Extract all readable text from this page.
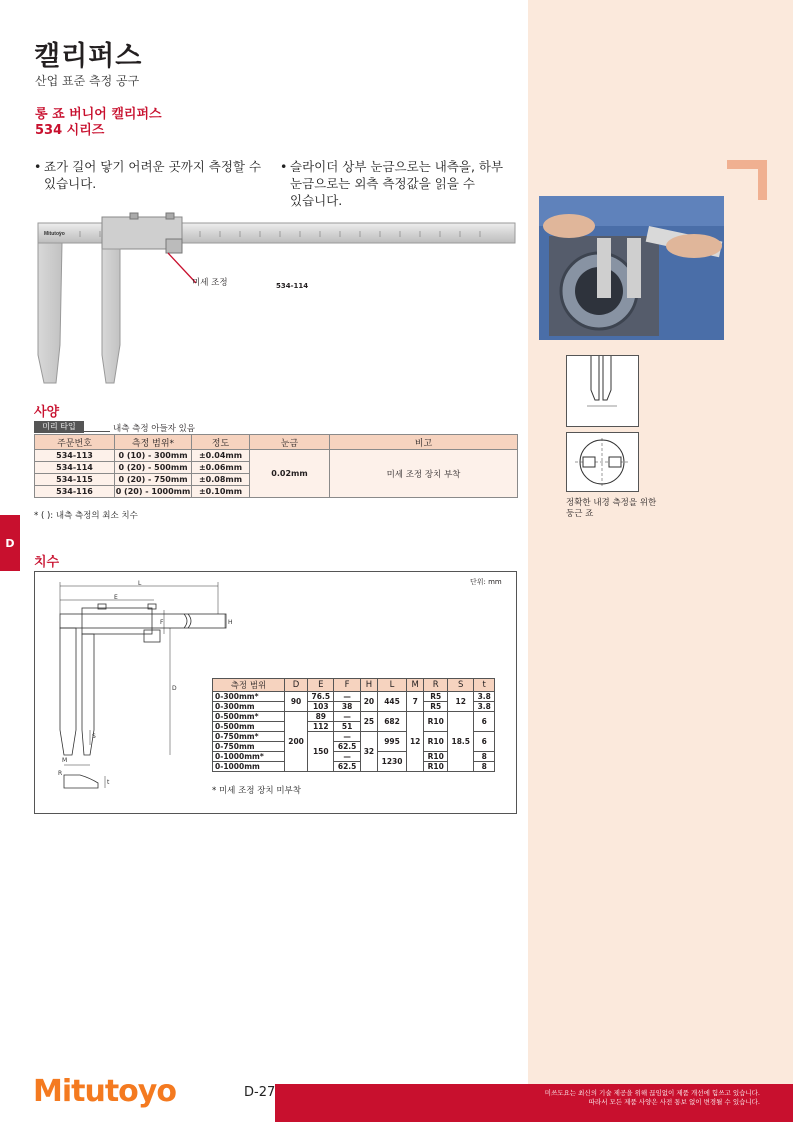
캘리퍼스
산업 표준 측정 공구
롱 죠 버니어 캘리퍼스
534 시리즈
• 죠가 길어 닿기 어려운 곳까지 측정할 수
있습니다.
• 슬라이더 상부 눈금으로는 내측을, 하부
눈금으로는 외측 측정값을 읽을 수
있습니다.
Mitutoyo
미세 조정	534-114
정확한 내경 측정을 위한
둥근 죠
D
사양
미리 타입	내측 측정 아들자 있음
주문번호	측정 범위*	정도	눈금	비고
534-113	0 (10) - 300mm	±0.04mm	0.02mm	미세 조정 장치 부착
534-114	0 (20) - 500mm	±0.06mm		
534-115	0 (20) - 750mm	±0.08mm		
534-116	0 (20) - 1000mm	±0.10mm		
* ( ): 내측 측정의 최소 치수
치수
단위: mm
L
E
F	H
D
S
M
R
t
측정 범위	D	E	F	H	L	M	R	S	t
0-300mm*	90	76.5	—	20	445	7	R5	12	3.8
0-300mm		103	38				R5		3.8
0-500mm*	200	89	—	25	682	12	R10	18.5	6
0-500mm		112	51						
0-750mm*		150	—	32	995		R10		6
0-750mm			62.5						
0-1000mm*			—		1230		R10		8
0-1000mm			62.5				R10		8
* 미세 조정 장치 미부착
Mitutoyo	D-27	미쓰도요는 최신의 기술 제공을 위해 끊임없이 제품 개선에 힘쓰고 있습니다.
따라서 모든 제품 사양은 사전 통보 없이 변경될 수 있습니다.
